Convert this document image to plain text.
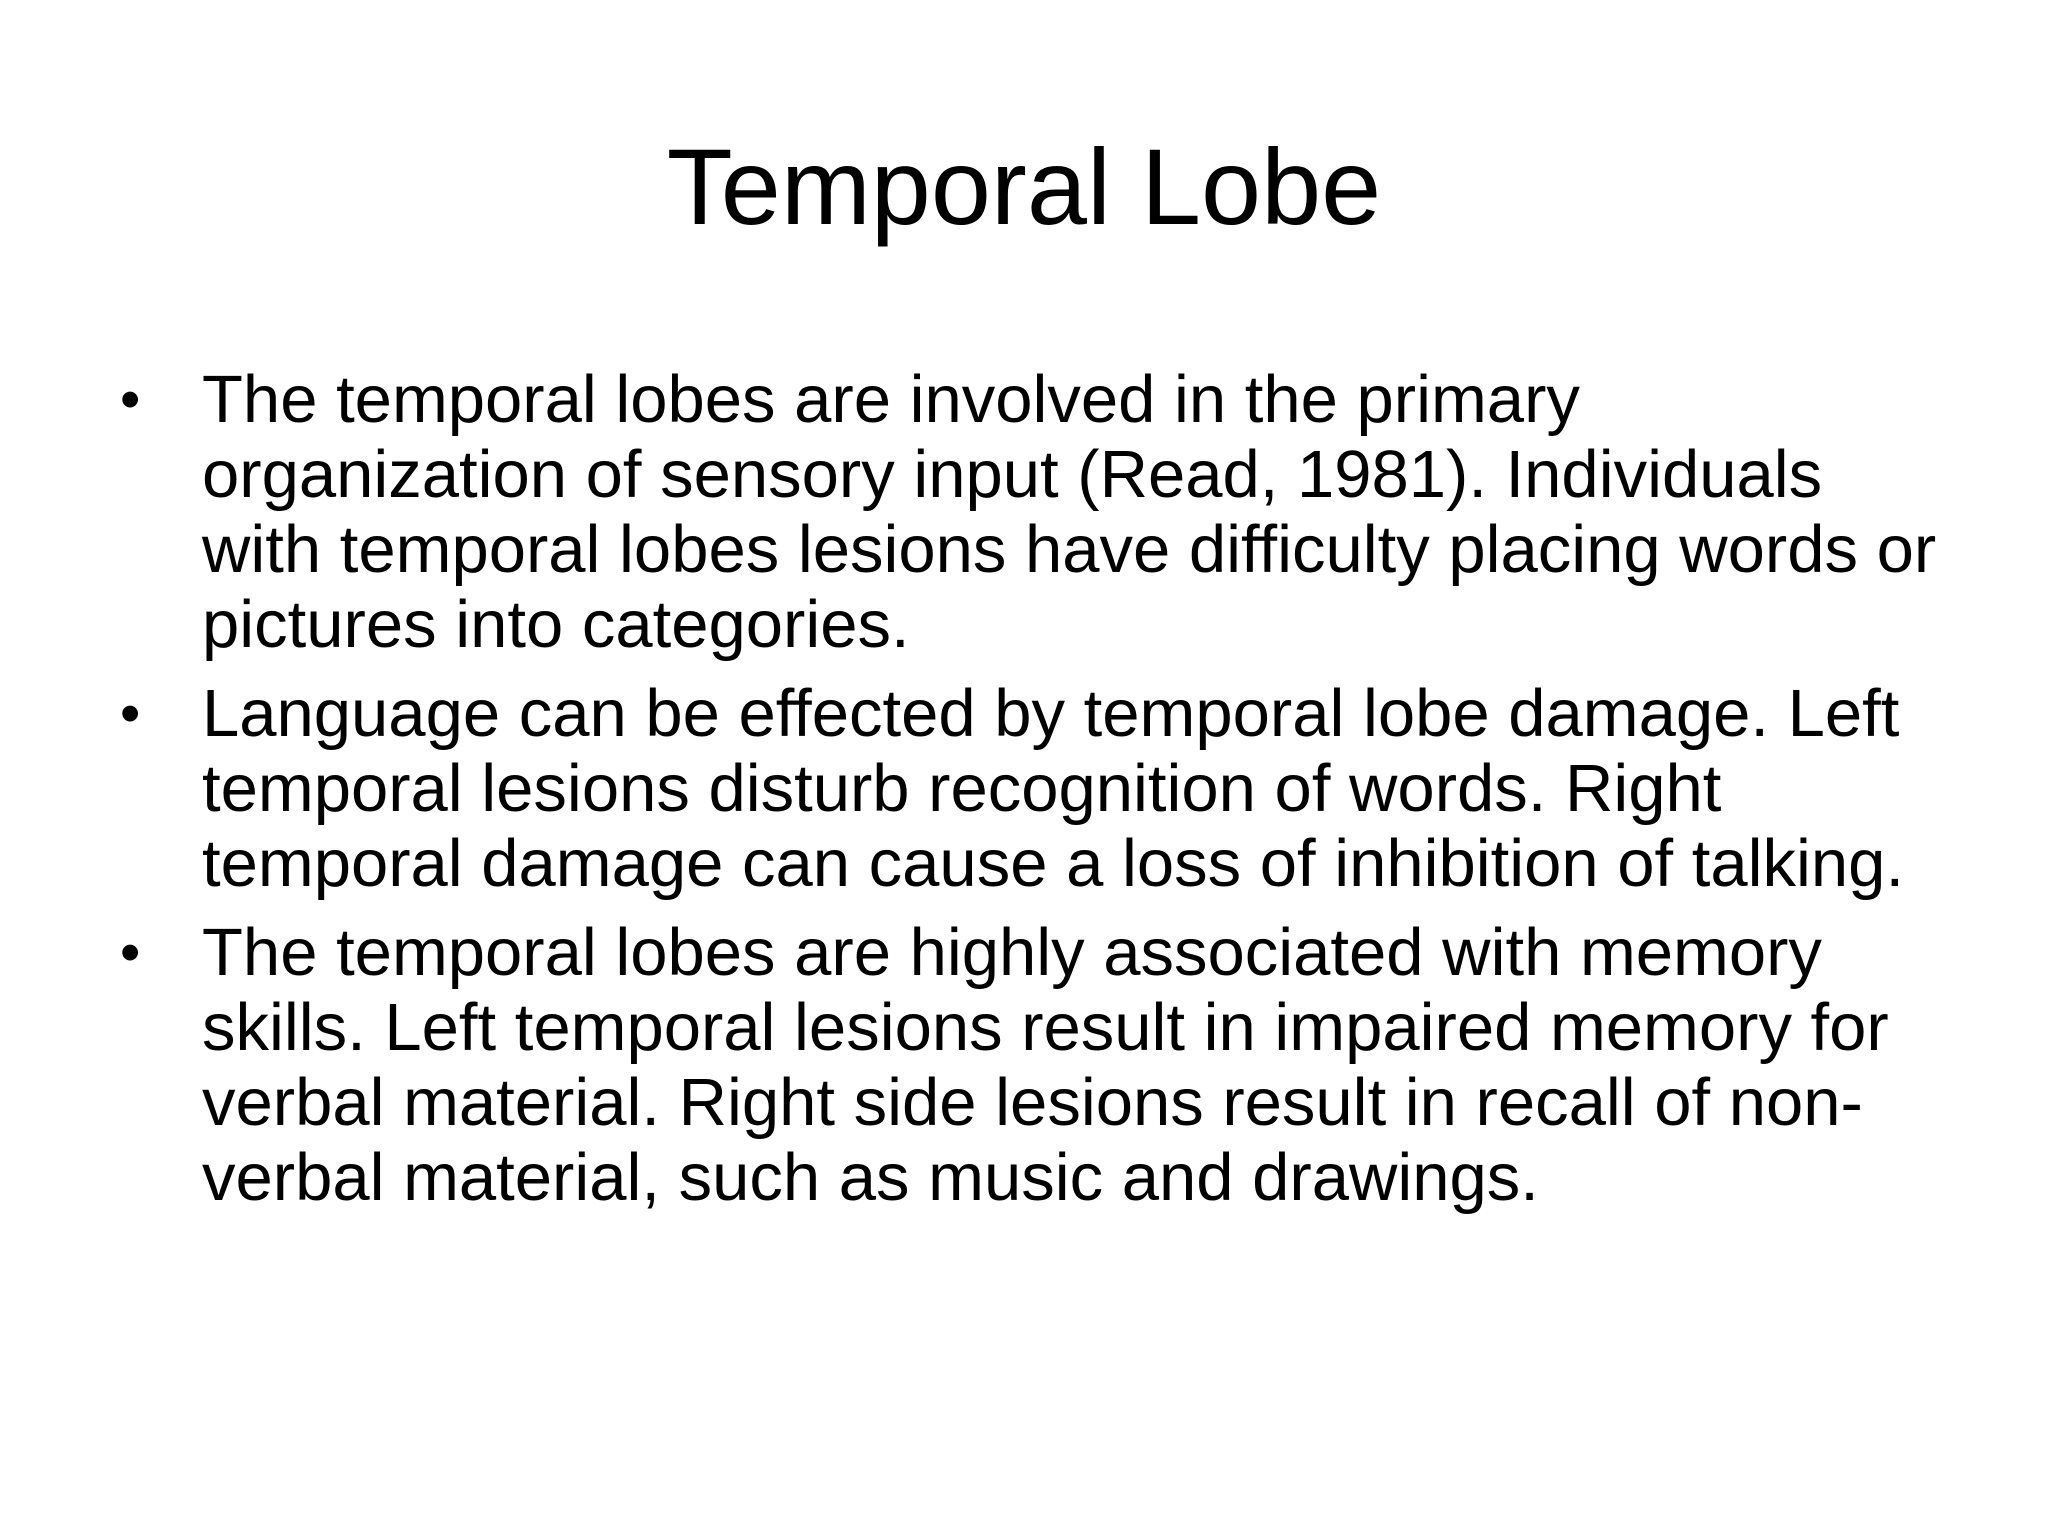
Temporal Lobe
• The temporal lobes are involved in the primary organization of sensory input (Read, 1981). Individuals with temporal lobes lesions have difficulty placing words or pictures into categories.
• Language can be effected by temporal lobe damage. Left temporal lesions disturb recognition of words. Right temporal damage can cause a loss of inhibition of talking.
• The temporal lobes are highly associated with memory skills. Left temporal lesions result in impaired memory for verbal material. Right side lesions result in recall of non-verbal material, such as music and drawings.
